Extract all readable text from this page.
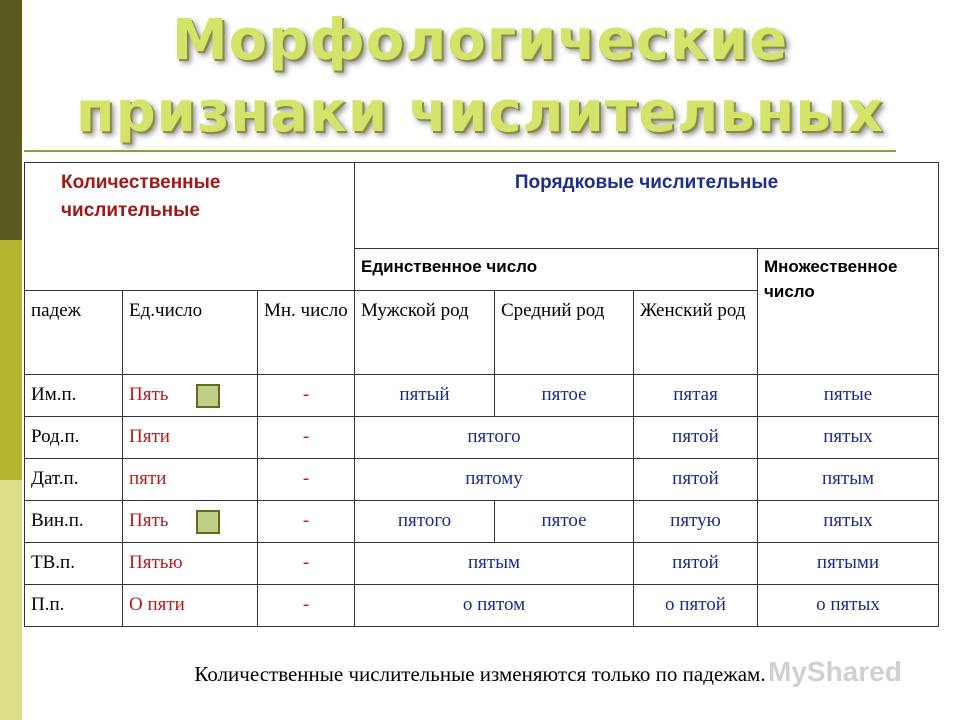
Морфологические
признаки числительных
Количественные числительные			Порядковые числительные			
			Единственное число			Множественное число
падеж	Ед.число	Мн. число	Мужской род	Средний род	Женский род	
Им.п.	Пять	-	пятый	пятое	пятая	пятые
Род.п.	Пяти	-	пятого		пятой	пятых
Дат.п.	пяти	-	пятому		пятой	пятым
Вин.п.	Пять	-	пятого	пятое	пятую	пятых
ТВ.п.	Пятью	-	пятым		пятой	пятыми
П.п.	О пяти	-	о пятом		о пятой	о пятых
Количественные числительные изменяются только по падежам. MyShared
